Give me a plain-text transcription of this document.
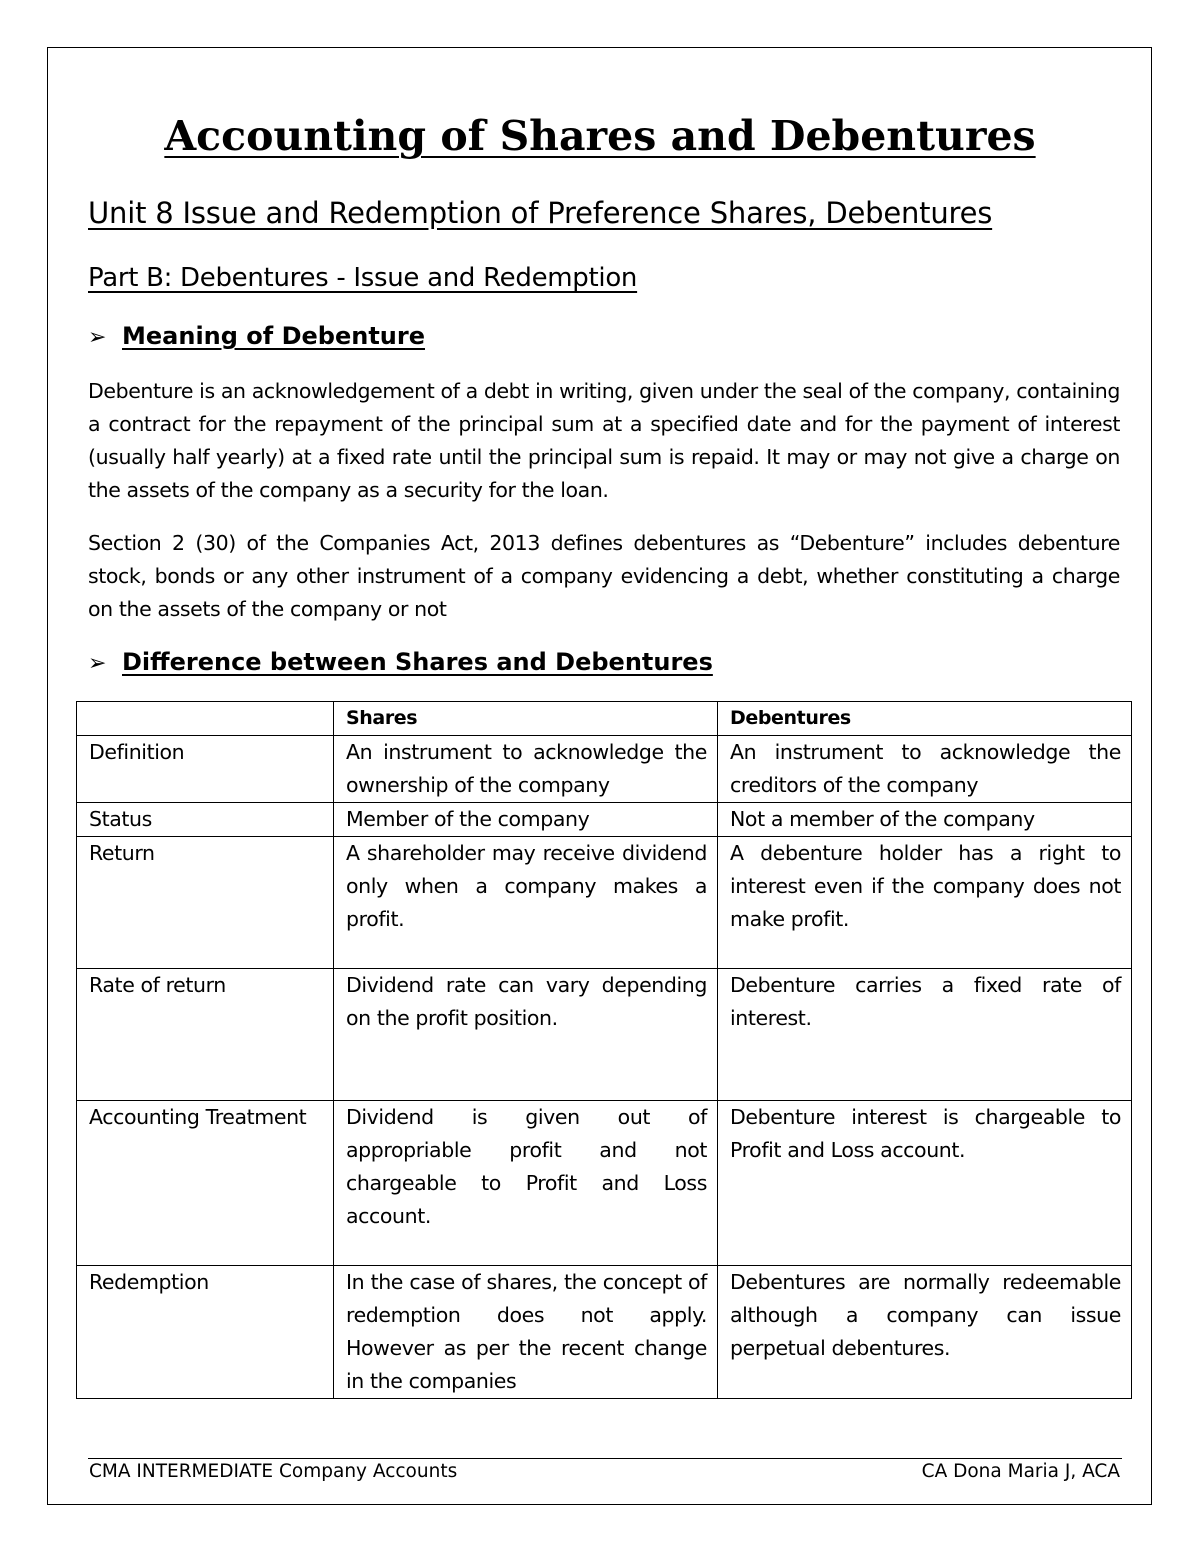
Accounting of Shares and Debentures
Unit 8 Issue and Redemption of Preference Shares, Debentures
Part B: Debentures - Issue and Redemption
➢ Meaning of Debenture

Debenture is an acknowledgement of a debt in writing, given under the seal of the company, containing a contract for the repayment of the principal sum at a specified date and for the payment of interest (usually half yearly) at a fixed rate until the principal sum is repaid. It may or may not give a charge on the assets of the company as a security for the loan.

Section 2 (30) of the Companies Act, 2013 defines debentures as “Debenture” includes debenture stock, bonds or any other instrument of a company evidencing a debt, whether constituting a charge on the assets of the company or not

➢ Difference between Shares and Debentures
	Shares	Debentures
Definition	An instrument to acknowledge the ownership of the company	An instrument to acknowledge the creditors of the company
Status	Member of the company	Not a member of the company
Return	A shareholder may receive dividend only when a company makes a profit.	A debenture holder has a right to interest even if the company does not make profit.
Rate of return	Dividend rate can vary depending on the profit position.	Debenture carries a fixed rate of interest.
Accounting Treatment	Dividend is given out of appropriable profit and not chargeable to Profit and Loss account.	Debenture interest is chargeable to Profit and Loss account.
Redemption	In the case of shares, the concept of redemption does not apply. However as per the recent change in the companies	Debentures are normally redeemable although a company can issue perpetual debentures.
CMA INTERMEDIATE Company Accounts	CA Dona Maria J, ACA
